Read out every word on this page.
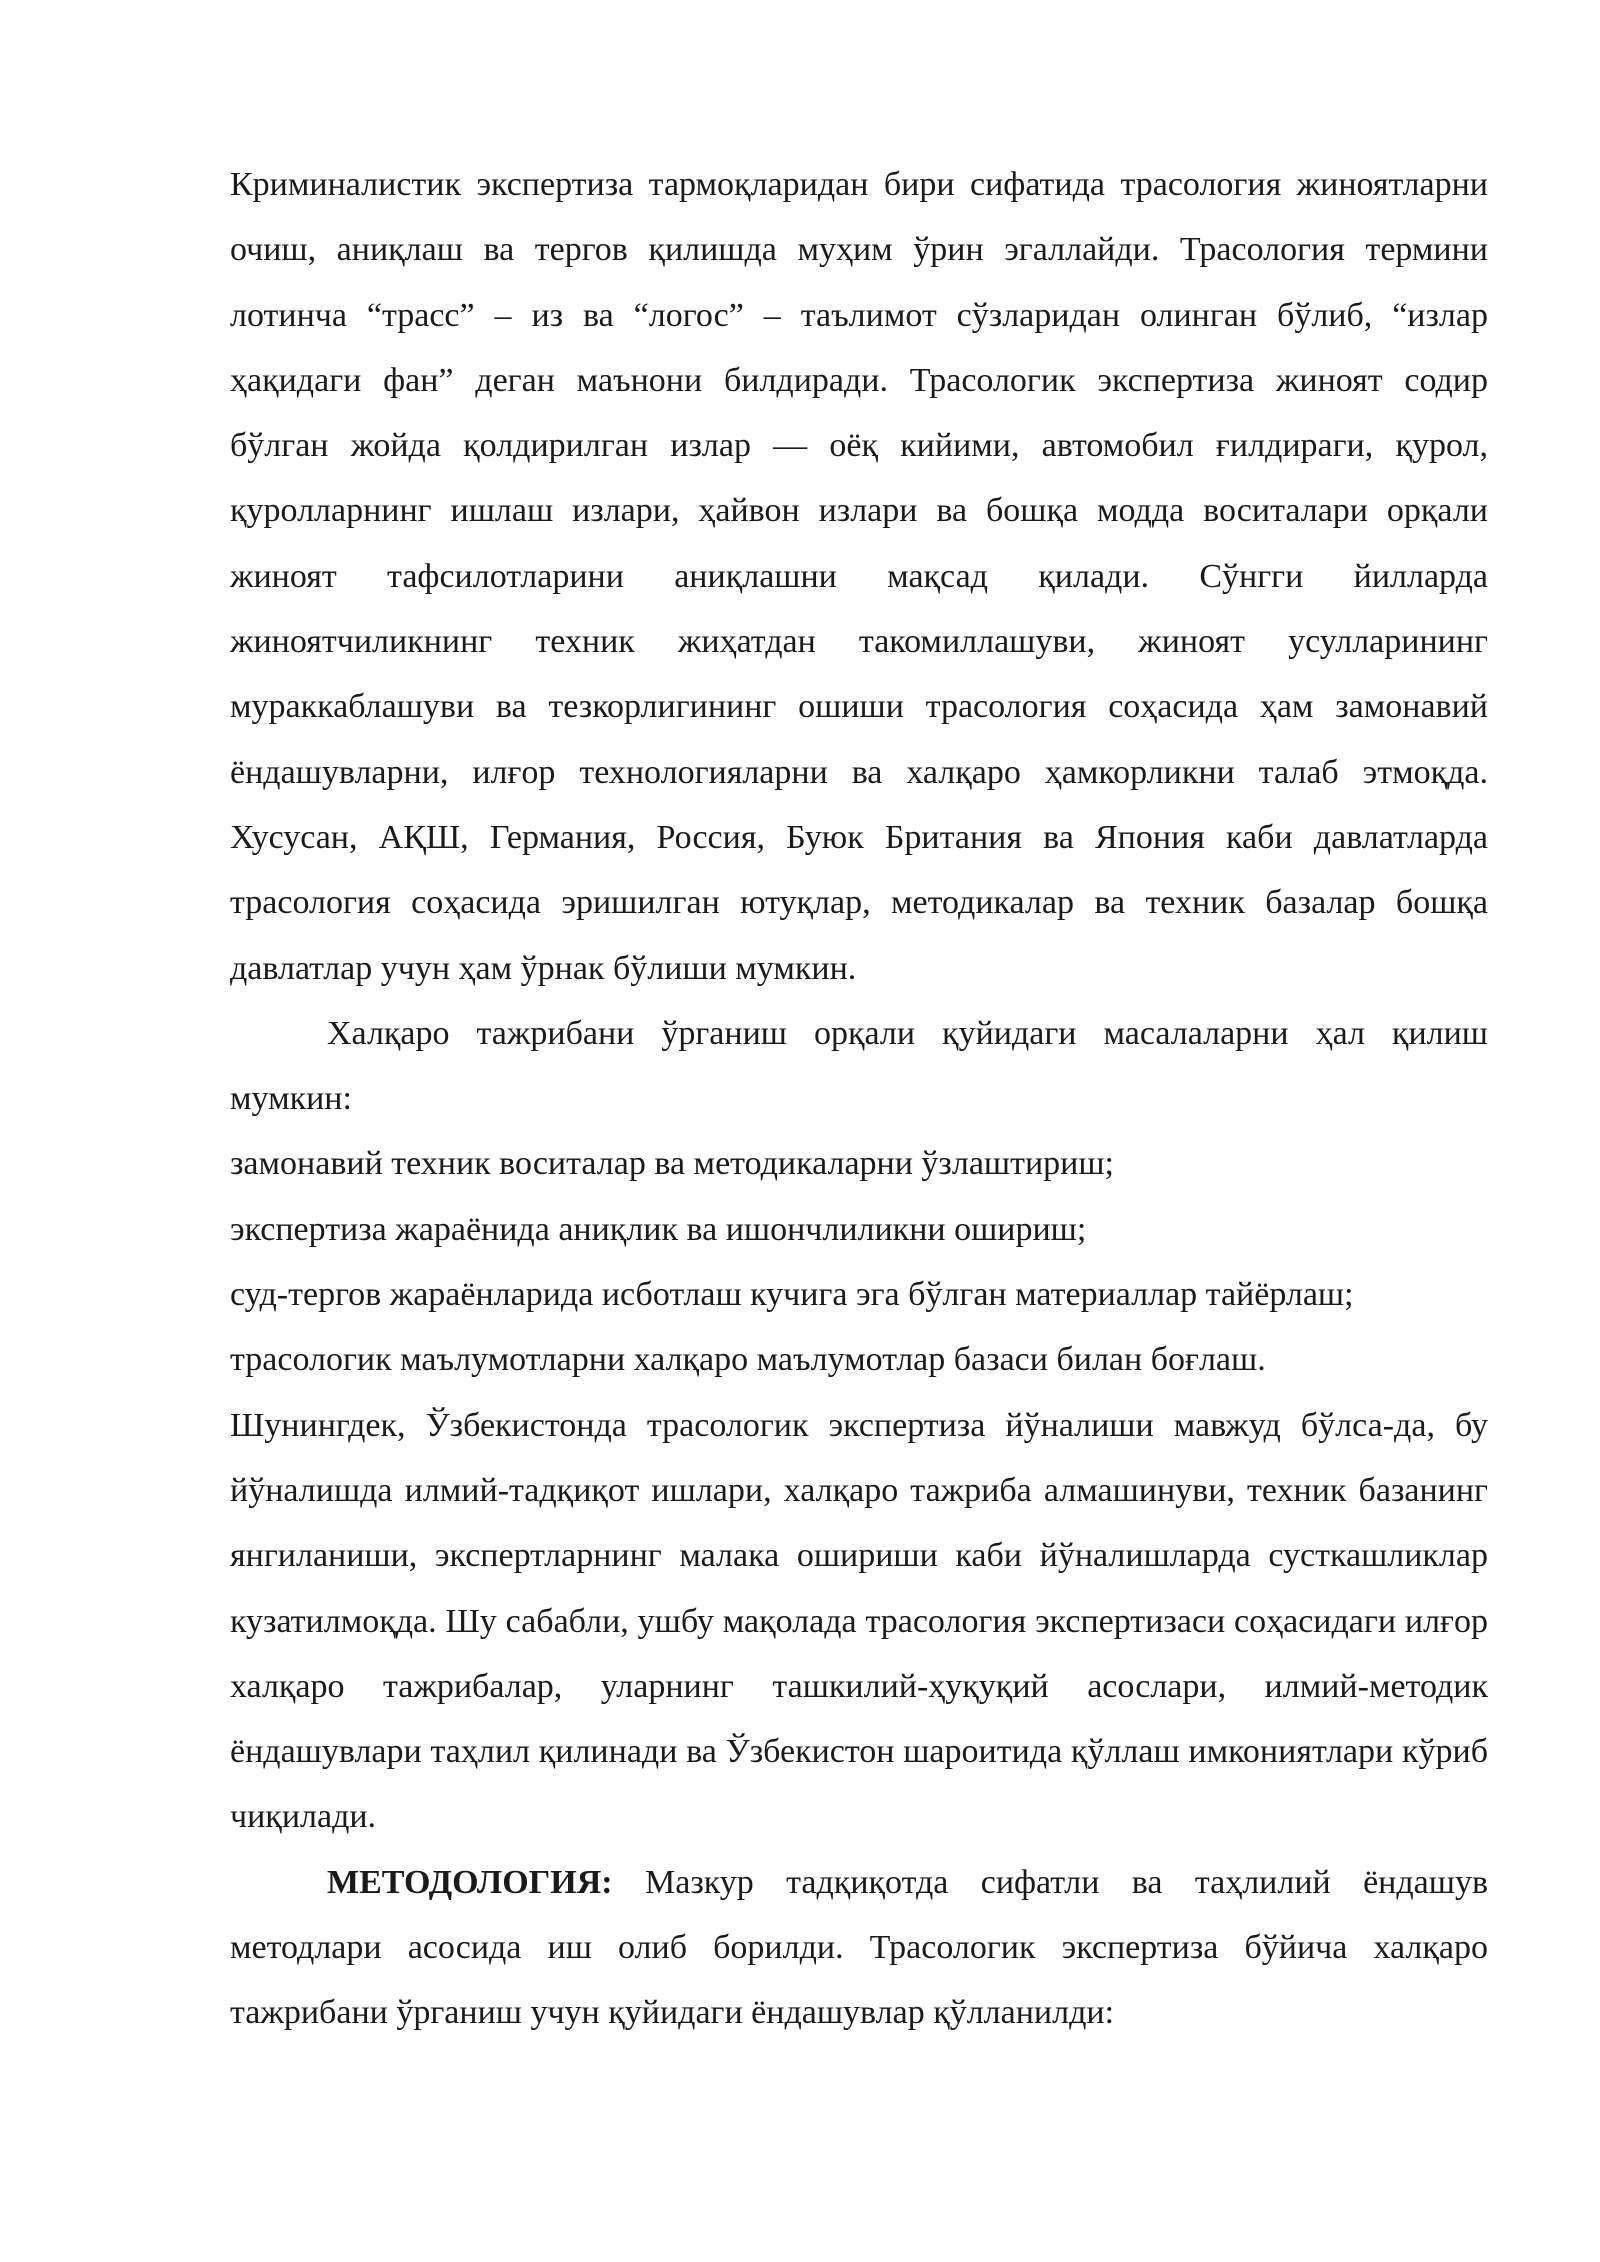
Криминалистик экспертиза тармоқларидан бири сифатида трасология жиноятларни очиш, аниқлаш ва тергов қилишда муҳим ўрин эгаллайди. Трасология термини лотинча “трасс” – из ва “логос” – таълимот сўзларидан олинган бўлиб, “излар ҳақидаги фан” деган маънони билдиради. Трасологик экспертиза жиноят содир бўлган жойда қолдирилган излар — оёқ кийими, автомобил ғилдираги, қурол, қуролларнинг ишлаш излари, ҳайвон излари ва бошқа модда воситалари орқали жиноят тафсилотларини аниқлашни мақсад қилади. Сўнгги йилларда жиноятчиликнинг техник жиҳатдан такомиллашуви, жиноят усулларининг мураккаблашуви ва тезкорлигининг ошиши трасология соҳасида ҳам замонавий ёндашувларни, илғор технологияларни ва халқаро ҳамкорликни талаб этмоқда. Хусусан, АҚШ, Германия, Россия, Буюк Британия ва Япония каби давлатларда трасология соҳасида эришилган ютуқлар, методикалар ва техник базалар бошқа давлатлар учун ҳам ўрнак бўлиши мумкин.

Халқаро тажрибани ўрганиш орқали қуйидаги масалаларни ҳал қилиш мумкин:

замонавий техник воситалар ва методикаларни ўзлаштириш;

экспертиза жараёнида аниқлик ва ишончлиликни ошириш;

суд-тергов жараёнларида исботлаш кучига эга бўлган материаллар тайёрлаш;

трасологик маълумотларни халқаро маълумотлар базаси билан боғлаш.

Шунингдек, Ўзбекистонда трасологик экспертиза йўналиши мавжуд бўлса-да, бу йўналишда илмий-тадқиқот ишлари, халқаро тажриба алмашинуви, техник базанинг янгиланиши, экспертларнинг малака ошириши каби йўналишларда сусткашликлар кузатилмоқда. Шу сабабли, ушбу мақолада трасология экспертизаси соҳасидаги илғор халқаро тажрибалар, уларнинг ташкилий-ҳуқуқий асослари, илмий-методик ёндашувлари таҳлил қилинади ва Ўзбекистон шароитида қўллаш имкониятлари кўриб чиқилади.

МЕТОДОЛОГИЯ: Мазкур тадқиқотда сифатли ва таҳлилий ёндашув методлари асосида иш олиб борилди. Трасологик экспертиза бўйича халқаро тажрибани ўрганиш учун қуйидаги ёндашувлар қўлланилди:
